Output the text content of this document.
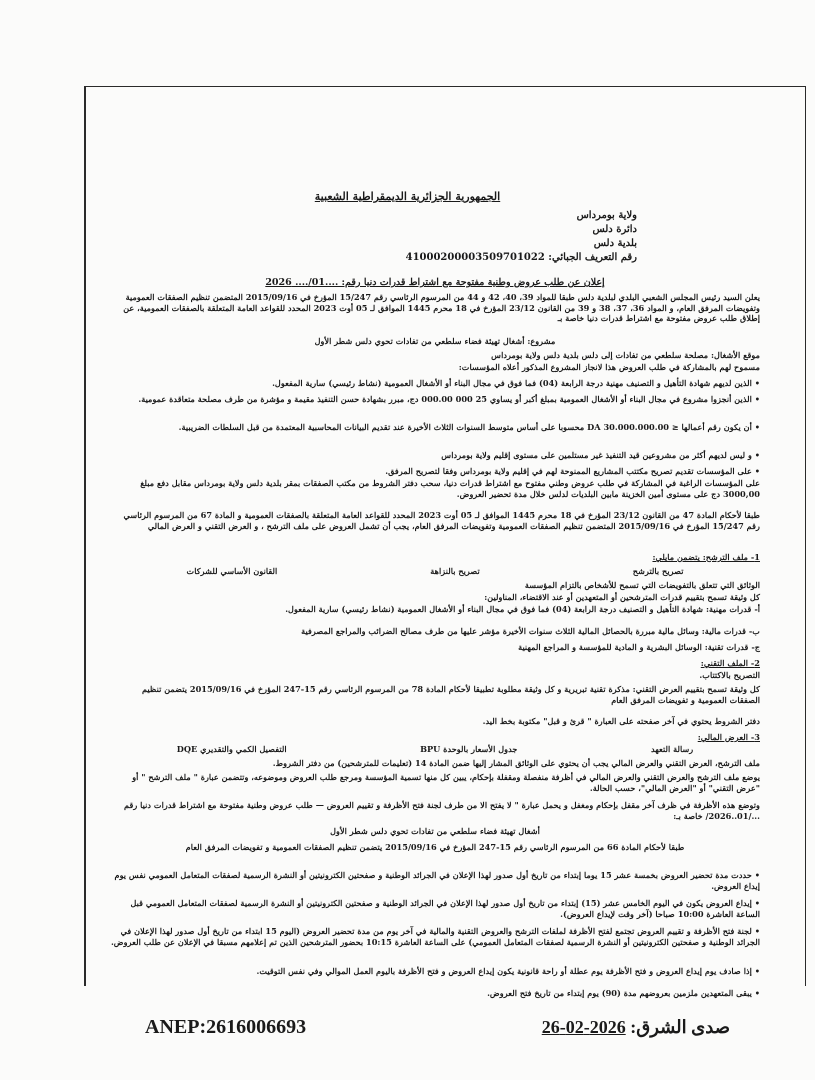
الجمهورية الجزائرية الديمقراطية الشعبية
ولاية بومرداس
دائرة دلس
بلدية دلس
رقم التعريف الجبائي: 410002000035097010​22
إعلان عن طلب عروض وطنية مفتوحة مع اشتراط قدرات دنيا رقم: ....01/.... 2026
يعلن السيد رئيس المجلس الشعبي البلدي لبلدية دلس طبقا للمواد 39، 40، 42 و 44 من المرسوم الرئاسي رقم 15/247 المؤرخ في 2015/09/16 المتضمن تنظيم الصفقات العمومية وتفويضات المرفق العام، و المواد 36، 37، 38 و 39 من القانون 23/12 المؤرخ في 18 محرم 1445 الموافق لـ 05 أوت 2023 المحدد للقواعد العامة المتعلقة بالصفقات العمومية، عن إطلاق طلب عروض مفتوحة مع اشتراط قدرات دنيا خاصة بـ
مشروع: أشغال تهيئة فضاء سلطعي من تفادات تحوي دلس شطر الأول
موقع الأشغال: مصلحة سلطعي من تفادات إلى دلس بلدية دلس ولاية بومرداس
مسموح لهم بالمشاركة في طلب العروض هذا لانجاز المشروع المذكور أعلاه المؤسسات:
• الذين لديهم شهادة التأهيل و التصنيف مهنية درجة الرابعة (04) فما فوق في مجال البناء أو الأشغال العمومية (نشاط رئيسي) سارية المفعول.
• الذين أنجزوا مشروع في مجال البناء أو الأشغال العمومية بمبلغ أكبر أو يساوي 25 000 000.00 دج، مبرر بشهادة حسن التنفيذ مقيمة و مؤشرة من طرف مصلحة متعاقدة عمومية.
• أن يكون رقم أعمالها ≤ DA 30.000.000.00 محسوبا على أساس متوسط السنوات الثلاث الأخيرة عند تقديم البيانات المحاسبية المعتمدة من قبل السلطات الضريبية.
• و ليس لديهم أكثر من مشروعين قيد التنفيذ غير مستلمين على مستوى إقليم ولاية بومرداس
• على المؤسسات تقديم تصريح مكتتب المشاريع الممنوحة لهم في إقليم ولاية بومرداس وفقا لتصريح المرفق.
على المؤسسات الراغبة في المشاركة في طلب عروض وطني مفتوح مع اشتراط قدرات دنيا، سحب دفتر الشروط من مكتب الصفقات بمقر بلدية دلس ولاية بومرداس مقابل دفع مبلغ 3000,00 دج على مستوى أمين الخزينة مابين البلديات لدلس خلال مدة تحضير العروض.
طبقا لأحكام المادة 47 من القانون 23/12 المؤرخ في 18 محرم 1445 الموافق لـ 05 أوت 2023 المحدد للقواعد العامة المتعلقة بالصفقات العمومية و المادة 67 من المرسوم الرئاسي رقم 15/247 المؤرخ في 2015/09/16 المتضمن تنظيم الصفقات العمومية وتفويضات المرفق العام، يجب أن تشمل العروض على ملف الترشح ، و العرض التقني و العرض المالي
1- ملف الترشح: يتضمن مايلي:
تصريح بالترشح
تصريح بالنزاهة
القانون الأساسي للشركات
الوثائق التي تتعلق بالتفويضات التي تسمح للأشخاص بالتزام المؤسسة
كل وثيقة تسمح بتقييم قدرات المترشحين أو المتعهدين أو عند الاقتضاء، المناولين:
أ- قدرات مهنية: شهادة التأهيل و التصنيف درجة الرابعة (04) فما فوق في مجال البناء أو الأشغال العمومية (نشاط رئيسي) سارية المفعول.
ب- قدرات مالية: وسائل مالية مبررة بالحصائل المالية الثلاث سنوات الأخيرة مؤشر عليها من طرف مصالح الضرائب والمراجع المصرفية
ج- قدرات تقنية: الوسائل البشرية و المادية للمؤسسة و المراجع المهنية
2- الملف التقني:
التصريح بالاكتتاب.
كل وثيقة تسمح بتقييم العرض التقني: مذكرة تقنية تبريرية و كل وثيقة مطلوبة تطبيقا لأحكام المادة 78 من المرسوم الرئاسي رقم 15-247 المؤرخ في 2015/09/16 يتضمن تنظيم الصفقات العمومية و تفويضات المرفق العام
دفتر الشروط يحتوي في آخر صفحته على العبارة " قرئ و قبل" مكتوبة بخط اليد.
3- العرض المالي:
رسالة التعهد
جدول الأسعار بالوحدة BPU
التفصيل الكمي والتقديري DQE
ملف الترشح، العرض التقني والعرض المالي يجب أن يحتوي على الوثائق المشار إليها ضمن المادة 14 (تعليمات للمترشحين) من دفتر الشروط.
يوضع ملف الترشح والعرض التقني والعرض المالي في أظرفة منفصلة ومقفلة بإحكام، يبين كل منها تسمية المؤسسة ومرجع طلب العروض وموضوعه، وتتضمن عبارة " ملف الترشح " أو "عرض التقني" أو "العرض المالي"، حسب الحالة.
وتوضع هذه الأظرفة في ظرف آخر مقفل بإحكام ومغفل و يحمل عبارة " لا يفتح الا من طرف لجنة فتح الأظرفة و تقييم العروض — طلب عروض وطنية مفتوحة مع اشتراط قدرات دنيا رقم .../01..2026/ خاصة بـ:
أشغال تهيئة فضاء سلطعي من تفادات تحوي دلس شطر الأول
طبقا لأحكام المادة 66 من المرسوم الرئاسي رقم 15-247 المؤرخ في 2015/09/16 يتضمن تنظيم الصفقات العمومية و تفويضات المرفق العام
• حددت مدة تحضير العروض بخمسة عشر 15 يوما إبتداء من تاريخ أول صدور لهذا الإعلان في الجرائد الوطنية و صفحتين الكترونيتين أو النشرة الرسمية لصفقات المتعامل العمومي نفس يوم إيداع العروض.
• إيداع العروض يكون في اليوم الخامس عشر (15) إبتداء من تاريخ أول صدور لهذا الإعلان في الجرائد الوطنية و صفحتين الكترونيتين أو النشرة الرسمية لصفقات المتعامل العمومي قبل الساعة العاشرة 10:00 صباحا (آخر وقت لإيداع العروض).
• لجنة فتح الأظرفة و تقييم العروض تجتمع لفتح الأظرفة لملفات الترشح والعروض التقنية والمالية في آخر يوم من مدة تحضير العروض (اليوم 15 ابتداء من تاريخ أول صدور لهذا الإعلان في الجرائد الوطنية و صفحتين الكترونيتين أو النشرة الرسمية لصفقات المتعامل العمومي) على الساعة العاشرة 10:15 بحضور المترشحين الذين تم إعلامهم مسبقا في الإعلان عن طلب العروض.
• إذا صادف يوم إيداع العروض و فتح الأظرفة يوم عطلة أو راحة قانونية يكون إيداع العروض و فتح الأظرفة باليوم العمل الموالي وفي نفس التوقيت.
• يبقى المتعهدين ملزمين بعروضهم مدة (90) يوم إبتداء من تاريخ فتح العروض.
ANEP:2616006693	صدى الشرق: 2026-02-26
